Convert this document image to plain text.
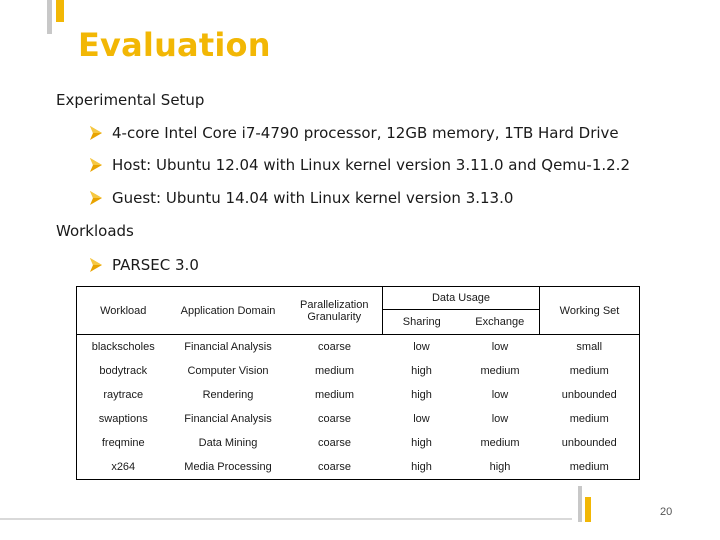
Evaluation
Experimental Setup
4-core Intel Core i7-4790 processor, 12GB memory, 1TB Hard Drive
Host: Ubuntu 12.04 with Linux kernel version 3.11.0 and Qemu-1.2.2
Guest: Ubuntu 14.04 with Linux kernel version 3.13.0
Workloads
PARSEC 3.0
Workload	Application Domain	Parallelization Granularity	Data Usage		Working Set
			Sharing	Exchange	
blackscholes	Financial Analysis	coarse	low	low	small
bodytrack	Computer Vision	medium	high	medium	medium
raytrace	Rendering	medium	high	low	unbounded
swaptions	Financial Analysis	coarse	low	low	medium
freqmine	Data Mining	coarse	high	medium	unbounded
x264	Media Processing	coarse	high	high	medium
20
